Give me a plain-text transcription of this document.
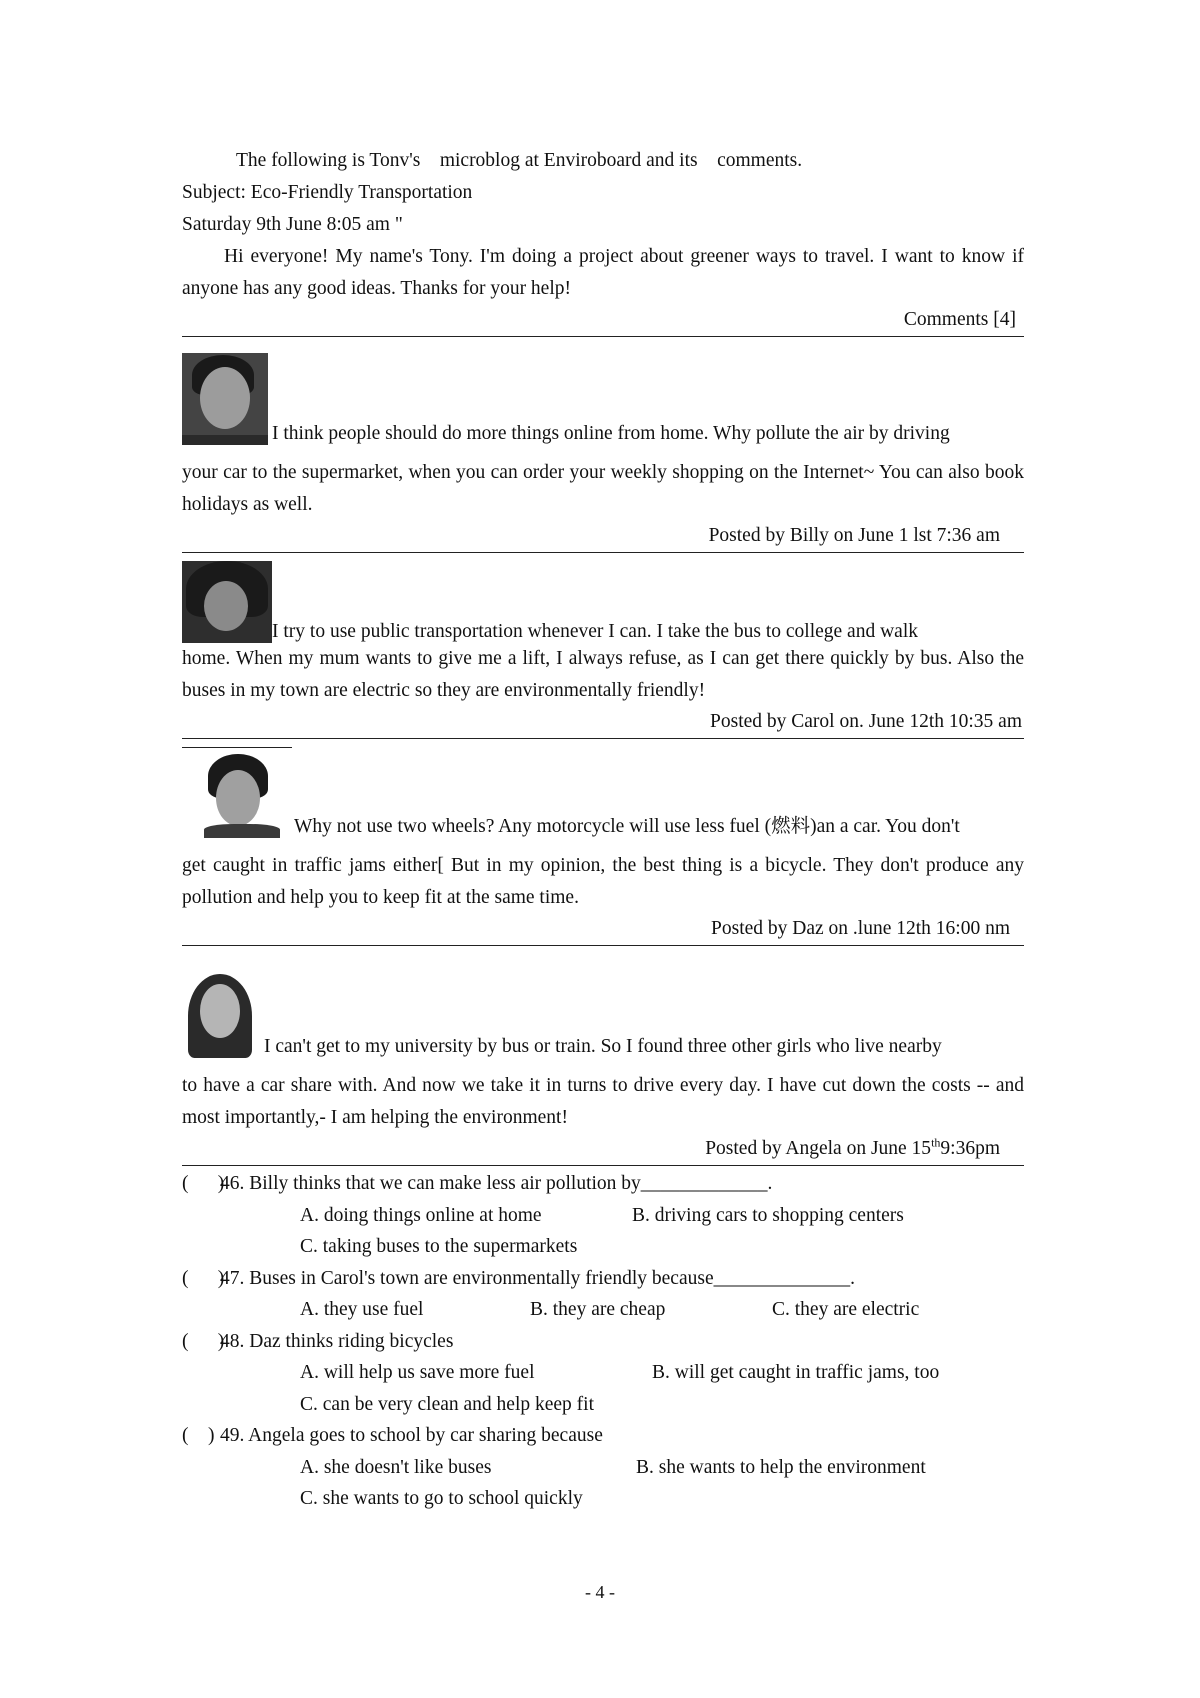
The following is Tonv's    microblog at Enviroboard and its    comments.

Subject: Eco-Friendly Transportation

Saturday 9th June 8:05 am "

Hi everyone! My name's Tony. I'm doing a project about greener ways to travel. I want to know if anyone has any good ideas. Thanks for your help!

Comments [4]
I think people should do more things online from home. Why pollute the air by driving

your car to the supermarket, when you can order your weekly shopping on the Internet~ You can also book holidays as well.

Posted by Billy on June 1 lst 7:36 am
I try to use public transportation whenever I can. I take the bus to college and walk

home. When my mum wants to give me a lift, I always refuse, as I can get there quickly by bus. Also the buses in my town are electric so they are environmentally friendly!

Posted by Carol on. June 12th 10:35 am
Why not use two wheels? Any motorcycle will use less fuel (燃料)an a car. You don't

get caught in traffic jams either[ But in my opinion, the best thing is a bicycle. They don't produce any pollution and help you to keep fit at the same time.

Posted by Daz on .lune 12th 16:00 nm
I can't get to my university by bus or train. So I found three other girls who live nearby

to have a car share with. And now we take it in turns to drive every day. I have cut down the costs -- and most importantly,- I am helping the environment!

Posted by Angela on June 15th9:36pm

(      )46. Billy thinks that we can make less air pollution by_____________.

A. doing things online at home	B. driving cars to shopping centers
C. taking buses to the supermarkets

(      )47. Buses in Carol's town are environmentally friendly because______________.

A. they use fuel	B. they are cheap	C. they are electric

(      )48. Daz thinks riding bicycles

A. will help us save more fuel	B. will get caught in traffic jams, too
C. can be very clean and help keep fit

(    ) 49. Angela goes to school by car sharing because

A. she doesn't like buses	B. she wants to help the environment
C. she wants to go to school quickly
- 4 -
